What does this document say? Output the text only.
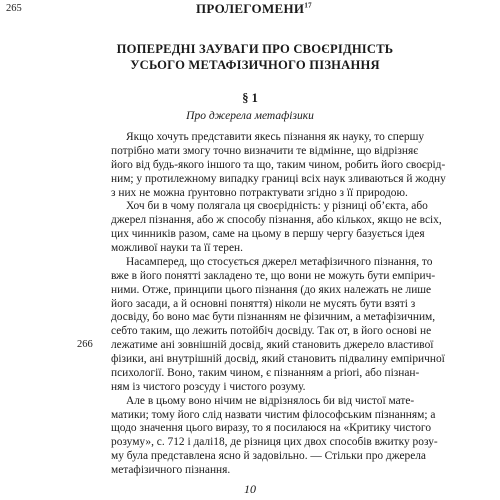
265	ПРОЛЕГОМЕНИ$^{17}$
ПОПЕРЕДНІ ЗАУВАГИ ПРО СВОЄРІДНІСТЬ
УСЬОГО МЕТАФІЗИЧНОГО ПІЗНАННЯ
§ 1
Про джерела метафізики
266
Якщо хочуть представити якесь пізнання як науку, то спершу
потрібно мати змогу точно визначити те відмінне, що відрізняє
його від будь-якого іншого та що, таким чином, робить його своєрід-
ним; у протилежному випадку границі всіх наук зливаються й жодну
з них не можна ґрунтовно потрактувати згідно з її природою.
Хоч би в чому полягала ця своєрідність: у різниці об’єкта, або
джерел пізнання, або ж способу пізнання, або кількох, якщо не всіх,
цих чинників разом, саме на цьому в першу чергу базується ідея
можливої науки та її терен.
Насамперед, що стосується джерел метафізичного пізнання, то
вже в його понятті закладено те, що вони не можуть бути емпірич-
ними. Отже, принципи цього пізнання (до яких належать не лише
його засади, а й основні поняття) ніколи не мусять бути взяті з
досвіду, бо воно має бути пізнанням не фізичним, а метафізичним,
себто таким, що лежить потойбіч досвіду. Так от, в його основі не
лежатиме ані зовнішній досвід, який становить джерело властивої
фізики, ані внутрішній досвід, який становить підвалину емпіричної
психології. Воно, таким чином, є пізнанням a priori, або пізнан-
ням із чистого розсуду і чистого розуму.
Але в цьому воно нічим не відрізнялось би від чистої мате-
матики; тому його слід назвати чистим філософським пізнанням; а
щодо значення цього виразу, то я посилаюся на «Критику чистого
розуму», с. 712 і далі18, де різниця цих двох способів вжитку розу-
му була представлена ясно й задовільно. — Стільки про джерела
метафізичного пізнання.
10
